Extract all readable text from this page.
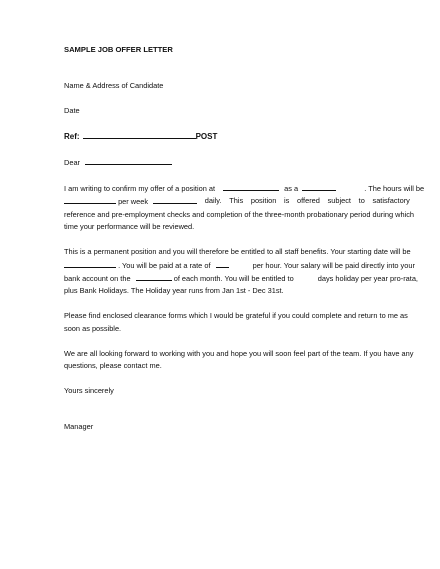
SAMPLE JOB OFFER LETTER
Name & Address of Candidate
Date
Ref:	POST
Dear
I am writing to confirm my offer of a position at	as a	. The hours will be
per week	daily. This position is offered subject to satisfactory
reference and pre-employment checks and completion of the three-month probationary period during which
time your performance will be reviewed.
This is a permanent position and you will therefore be entitled to all staff benefits. Your starting date will be
. You will be paid at a rate of	per hour. Your salary will be paid directly into your
bank account on the	of each month. You will be entitled to	days holiday per year pro-rata,
plus Bank Holidays. The Holiday year runs from Jan 1st - Dec 31st.
Please find enclosed clearance forms which I would be grateful if you could complete and return to me as
soon as possible.
We are all looking forward to working with you and hope you will soon feel part of the team. If you have any
questions, please contact me.
Yours sincerely
Manager
